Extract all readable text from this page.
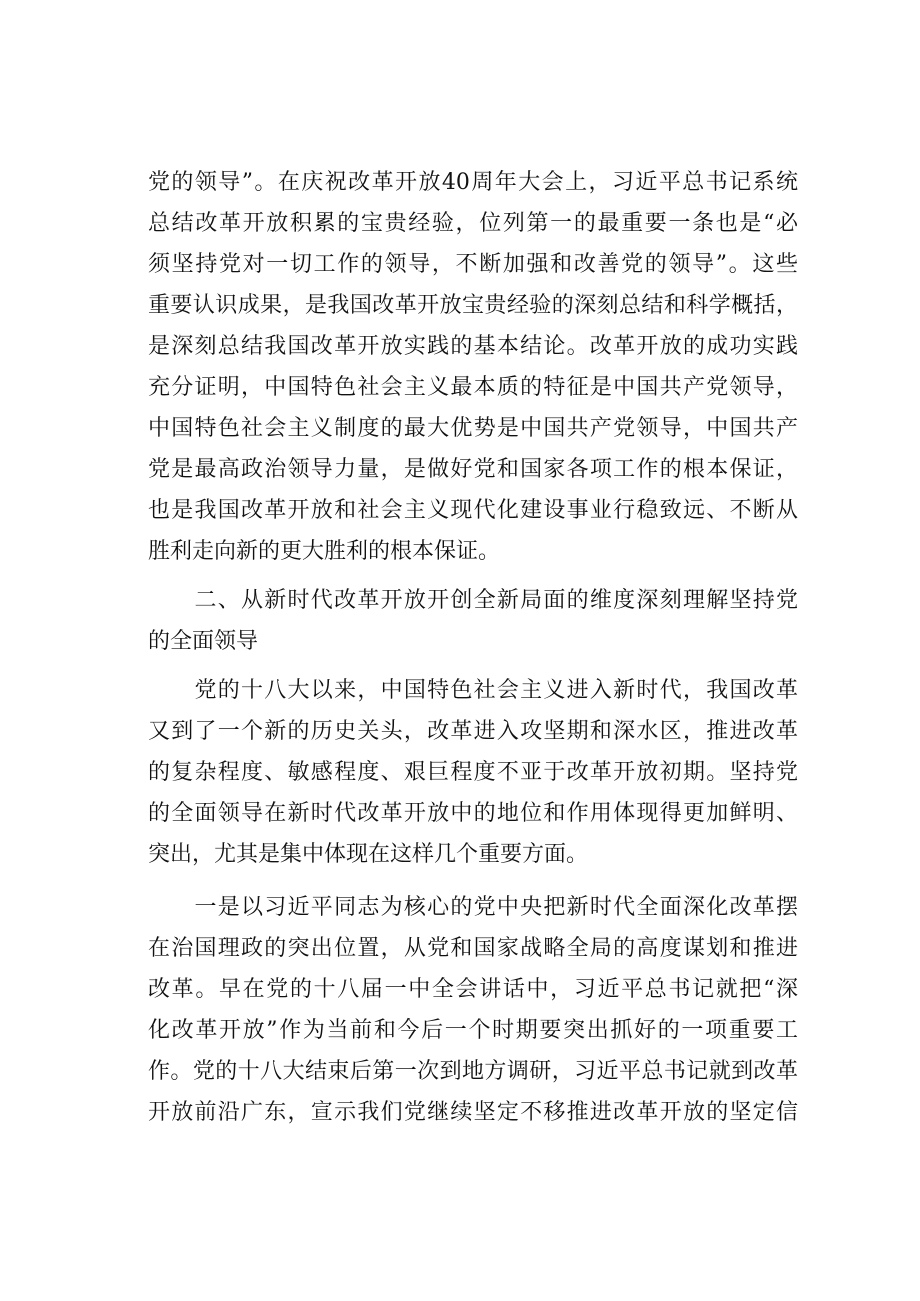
党的领导”。在庆祝改革开放40周年大会上，习近平总书记系统
总结改革开放积累的宝贵经验，位列第一的最重要一条也是“必
须坚持党对一切工作的领导，不断加强和改善党的领导”。这些
重要认识成果，是我国改革开放宝贵经验的深刻总结和科学概括，
是深刻总结我国改革开放实践的基本结论。改革开放的成功实践
充分证明，中国特色社会主义最本质的特征是中国共产党领导，
中国特色社会主义制度的最大优势是中国共产党领导，中国共产
党是最高政治领导力量，是做好党和国家各项工作的根本保证，
也是我国改革开放和社会主义现代化建设事业行稳致远、不断从
胜利走向新的更大胜利的根本保证。
　　二、从新时代改革开放开创全新局面的维度深刻理解坚持党
的全面领导
　　党的十八大以来，中国特色社会主义进入新时代，我国改革
又到了一个新的历史关头，改革进入攻坚期和深水区，推进改革
的复杂程度、敏感程度、艰巨程度不亚于改革开放初期。坚持党
的全面领导在新时代改革开放中的地位和作用体现得更加鲜明、
突出，尤其是集中体现在这样几个重要方面。
　　一是以习近平同志为核心的党中央把新时代全面深化改革摆
在治国理政的突出位置，从党和国家战略全局的高度谋划和推进
改革。早在党的十八届一中全会讲话中，习近平总书记就把“深
化改革开放”作为当前和今后一个时期要突出抓好的一项重要工
作。党的十八大结束后第一次到地方调研，习近平总书记就到改革
开放前沿广东，宣示我们党继续坚定不移推进改革开放的坚定信
